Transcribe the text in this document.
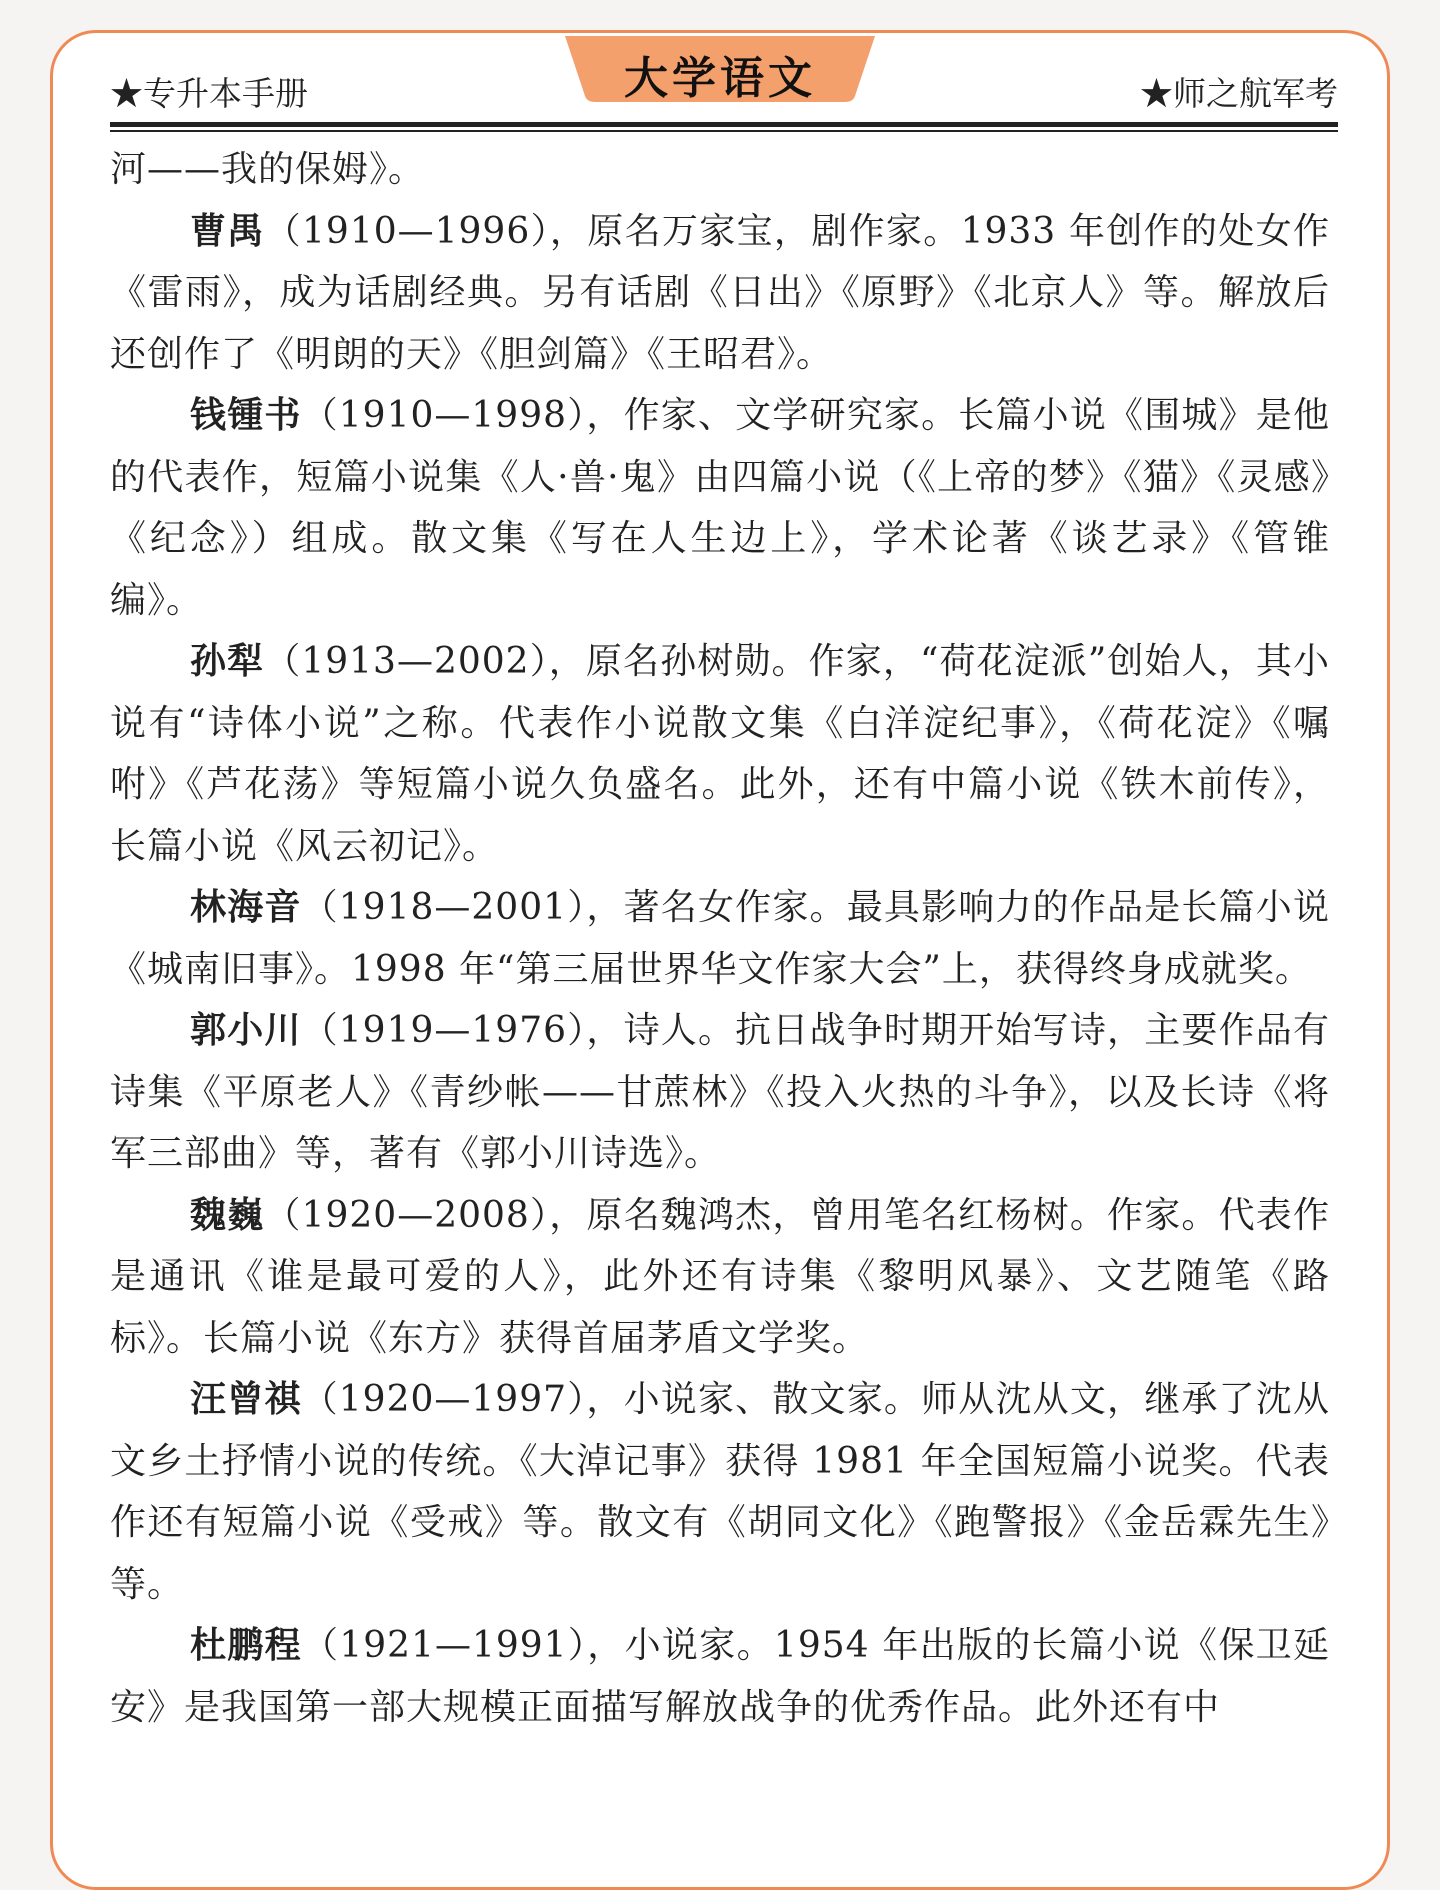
大学语文
★专升本手册	★师之航军考

河——我的保姆》。

曹禺（1910—1996），原名万家宝，剧作家。1933 年创作的处女作《雷雨》，成为话剧经典。另有话剧《日出》《原野》《北京人》等。解放后还创作了《明朗的天》《胆剑篇》《王昭君》。

钱锺书（1910—1998），作家、文学研究家。长篇小说《围城》是他的代表作，短篇小说集《人·兽·鬼》由四篇小说（《上帝的梦》《猫》《灵感》《纪念》）组成。散文集《写在人生边上》，学术论著《谈艺录》《管锥编》。

孙犁（1913—2002），原名孙树勋。作家，“荷花淀派”创始人，其小说有“诗体小说”之称。代表作小说散文集《白洋淀纪事》，《荷花淀》《嘱咐》《芦花荡》等短篇小说久负盛名。此外，还有中篇小说《铁木前传》，长篇小说《风云初记》。

林海音（1918—2001），著名女作家。最具影响力的作品是长篇小说《城南旧事》。1998 年“第三届世界华文作家大会”上，获得终身成就奖。

郭小川（1919—1976），诗人。抗日战争时期开始写诗，主要作品有诗集《平原老人》《青纱帐——甘蔗林》《投入火热的斗争》，以及长诗《将军三部曲》等，著有《郭小川诗选》。

魏巍（1920—2008），原名魏鸿杰，曾用笔名红杨树。作家。代表作是通讯《谁是最可爱的人》，此外还有诗集《黎明风暴》、文艺随笔《路标》。长篇小说《东方》获得首届茅盾文学奖。

汪曾祺（1920—1997），小说家、散文家。师从沈从文，继承了沈从文乡土抒情小说的传统。《大淖记事》获得 1981 年全国短篇小说奖。代表作还有短篇小说《受戒》等。散文有《胡同文化》《跑警报》《金岳霖先生》等。

杜鹏程（1921—1991），小说家。1954 年出版的长篇小说《保卫延安》是我国第一部大规模正面描写解放战争的优秀作品。此外还有中
